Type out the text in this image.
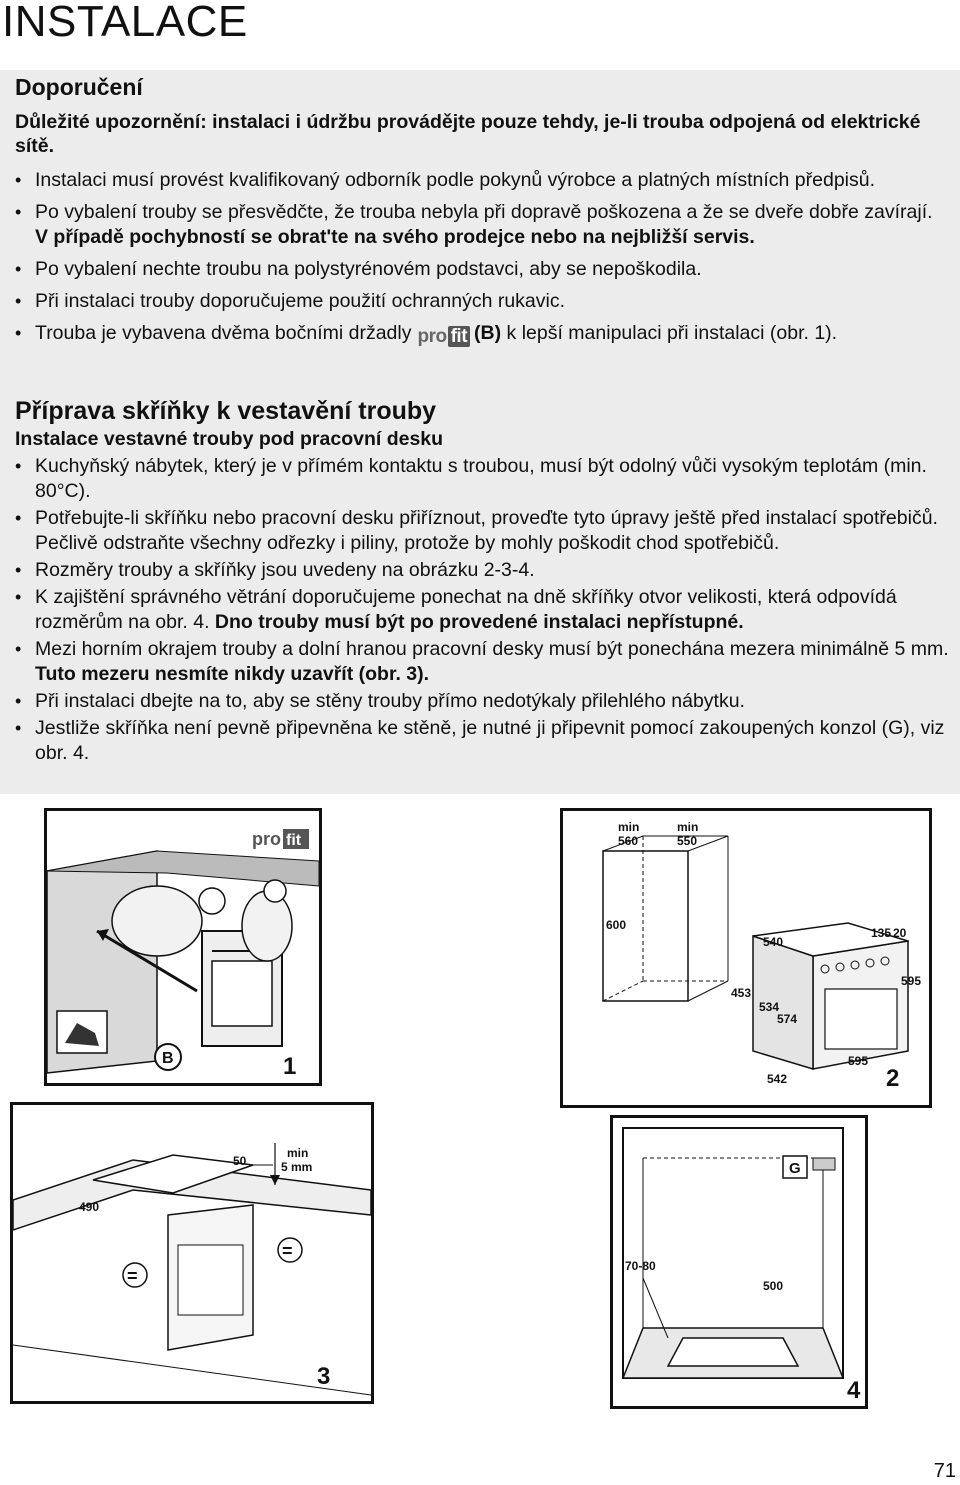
INSTALACE
Doporučení
Důležité upozornění: instalaci i údržbu provádějte pouze tehdy, je-li trouba odpojená od elektrické sítě.
• Instalaci musí provést kvalifikovaný odborník podle pokynů výrobce a platných místních předpisů.
• Po vybalení trouby se přesvědčte, že trouba nebyla při dopravě poškozena a že se dveře dobře zavírají. V případě pochybností se obrat'te na svého prodejce nebo na nejbližší servis.
• Po vybalení nechte troubu na polystyrénovém podstavci, aby se nepoškodila.
• Při instalaci trouby doporučujeme použití ochranných rukavic.
• Trouba je vybavena dvěma bočními držadly pro fit (B) k lepší manipulaci při instalaci (obr. 1).
Příprava skříňky k vestavění trouby
Instalace vestavné trouby pod pracovní desku
• Kuchyňský nábytek, který je v přímém kontaktu s troubou, musí být odolný vůči vysokým teplotám (min. 80°C).
• Potřebujte-li skříňku nebo pracovní desku přiříznout, proveďte tyto úpravy ještě před instalací spotřebičů. Pečlivě odstraňte všechny odřezky i piliny, protože by mohly poškodit chod spotřebičů.
• Rozměry trouby a skříňky jsou uvedeny na obrázku 2-3-4.
• K zajištění správného větrání doporučujeme ponechat na dně skříňky otvor velikosti, která odpovídá rozměrům na obr. 4. Dno trouby musí být po provedené instalaci nepřístupné.
• Mezi horním okrajem trouby a dolní hranou pracovní desky musí být ponechána mezera minimálně 5 mm. Tuto mezeru nesmíte nikdy uzavřít (obr. 3).
• Při instalaci dbejte na to, aby se stěny trouby přímo nedotýkaly přilehlého nábytku.
• Jestliže skříňka není pevně připevněna ke stěně, je nutné ji připevnit pomocí zakoupených konzol (G), viz obr. 4.
pro fit
B	1
min
560
min
550
600
540
135 20
453
534
574
595
595
542	2
50
min
5 mm
490
=
=
3
G
70-80
500
4
71
